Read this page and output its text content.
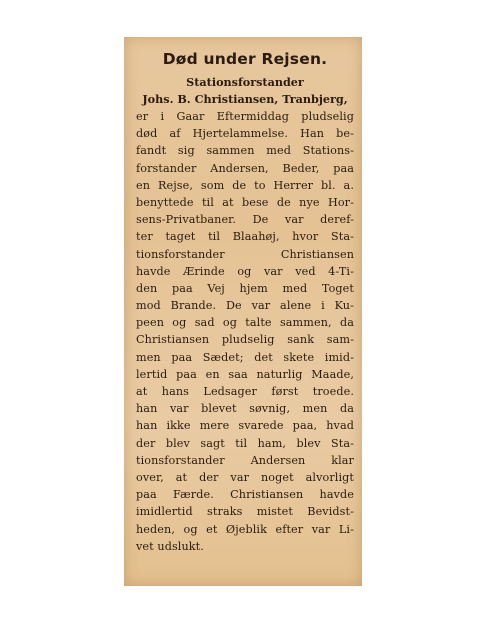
Død under Rejsen.
Stationsforstander
Johs. B. Christiansen, Tranbjerg,
er i Gaar Eftermiddag pludselig
død af Hjertelammelse. Han be-
fandt sig sammen med Stations-
forstander Andersen, Beder, paa
en Rejse, som de to Herrer bl. a.
benyttede til at bese de nye Hor-
sens-Privatbaner. De var deref-
ter taget til Blaahøj, hvor Sta-
tionsforstander Christiansen
havde Ærinde og var ved 4-Ti-
den paa Vej hjem med Toget
mod Brande. De var alene i Ku-
peen og sad og talte sammen, da
Christiansen pludselig sank sam-
men paa Sædet; det skete imid-
lertid paa en saa naturlig Maade,
at hans Ledsager først troede.
han var blevet søvnig, men da
han ikke mere svarede paa, hvad
der blev sagt til ham, blev Sta-
tionsforstander Andersen klar
over, at der var noget alvorligt
paa Færde. Christiansen havde
imidlertid straks mistet Bevidst-
heden, og et Øjeblik efter var Li-
vet udslukt.
